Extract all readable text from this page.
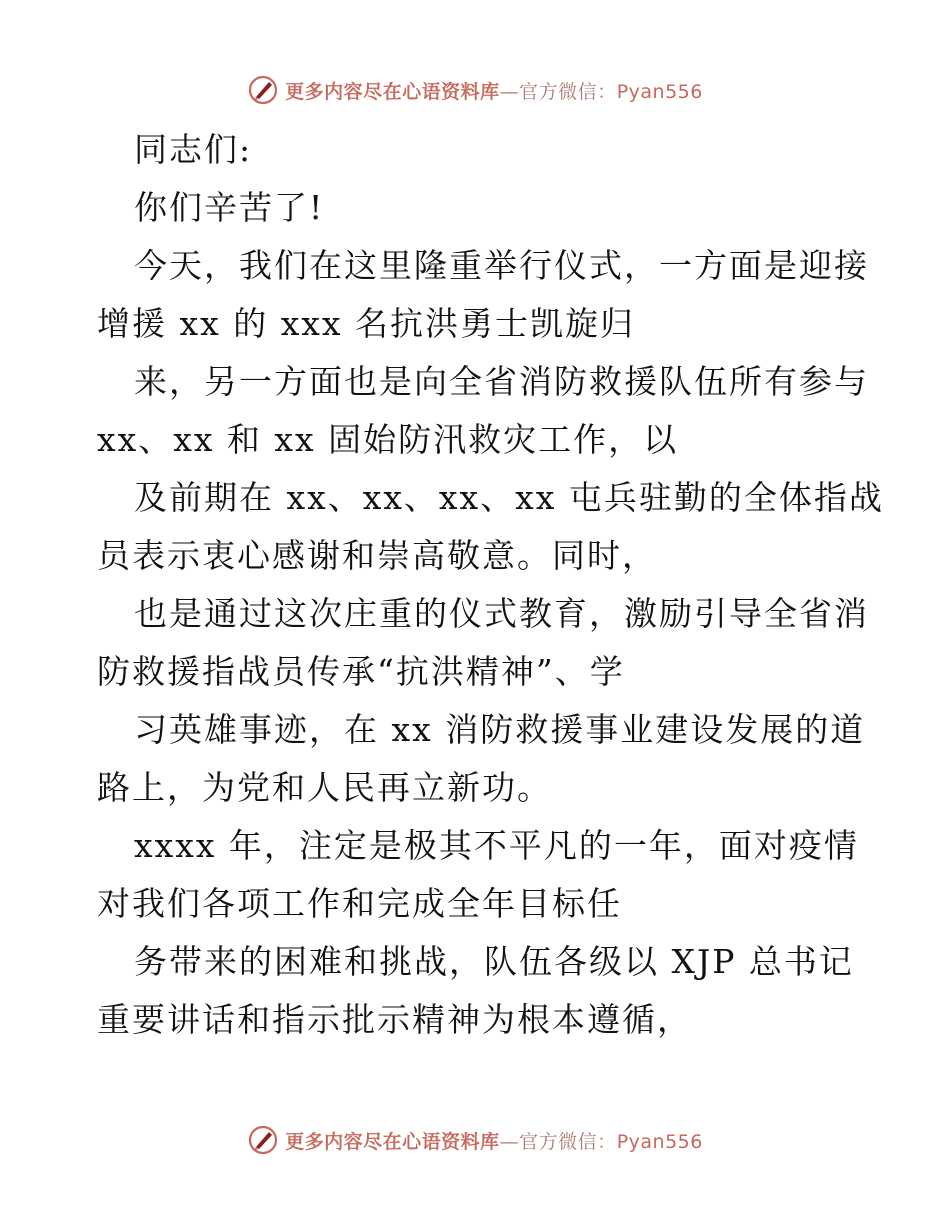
更多内容尽在心语资料库—官方微信：Pyan556
同志们:
你们辛苦了!
今天，我们在这里隆重举行仪式，一方面是迎接
增援 xx 的 xxx 名抗洪勇士凯旋归
来，另一方面也是向全省消防救援队伍所有参与
xx、xx 和 xx 固始防汛救灾工作，以
及前期在 xx、xx、xx、xx 屯兵驻勤的全体指战
员表示衷心感谢和崇高敬意。同时，
也是通过这次庄重的仪式教育，激励引导全省消
防救援指战员传承“抗洪精神”、学
习英雄事迹，在 xx 消防救援事业建设发展的道
路上，为党和人民再立新功。
xxxx 年，注定是极其不平凡的一年，面对疫情
对我们各项工作和完成全年目标任
务带来的困难和挑战，队伍各级以 XJP 总书记
重要讲话和指示批示精神为根本遵循，
更多内容尽在心语资料库—官方微信：Pyan556
